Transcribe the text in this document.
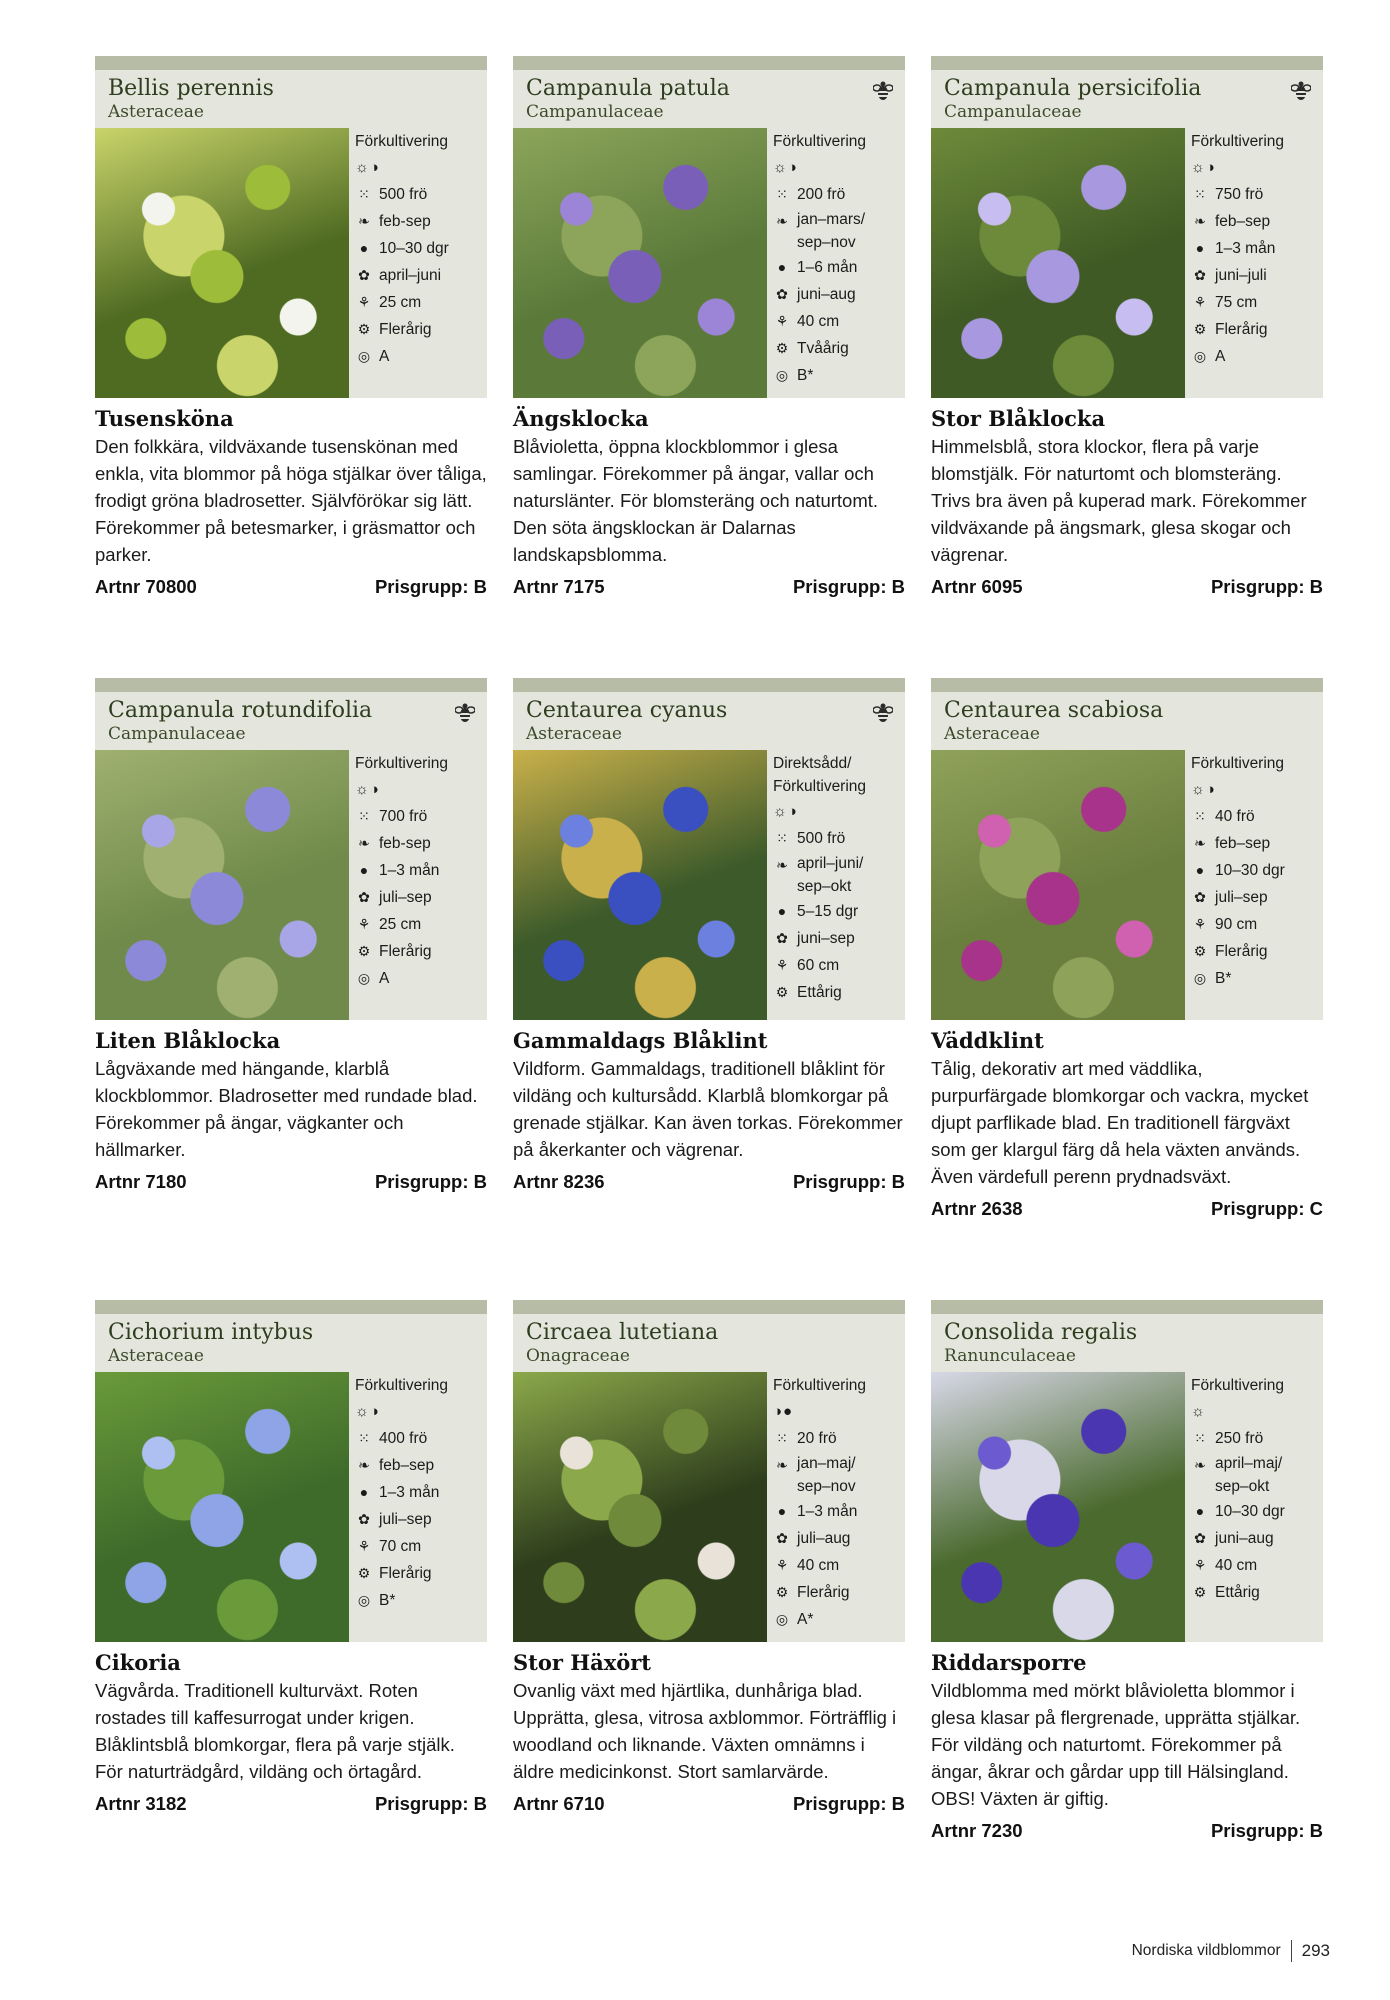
Bellis perennis
Asteraceae
Förkultivering
☼◑
⁙ 500 frö
❧ feb-sep
● 10–30 dgr
✿ april–juni
⚘ 25 cm
⚙ Flerårig
◎ A
Tusensköna
Den folkkära, vildväxande tusenskönan med enkla, vita blommor på höga stjälkar över tåliga, frodigt gröna bladrosetter. Självförökar sig lätt. Förekommer på betesmarker, i gräsmattor och parker.
Artnr 70800	Prisgrupp: B
Campanula patula
Campanulaceae
Förkultivering
☼◑
⁙ 200 frö
❧ jan–mars/ sep–nov
● 1–6 mån
✿ juni–aug
⚘ 40 cm
⚙ Tvåårig
◎ B*
Ängsklocka
Blåvioletta, öppna klockblommor i glesa samlingar. Förekommer på ängar, vallar och naturslänter. För blomsteräng och naturtomt. Den söta ängsklockan är Dalarnas landskapsblomma.
Artnr 7175	Prisgrupp: B
Campanula persicifolia
Campanulaceae
Förkultivering
☼◑
⁙ 750 frö
❧ feb–sep
● 1–3 mån
✿ juni–juli
⚘ 75 cm
⚙ Flerårig
◎ A
Stor Blåklocka
Himmelsblå, stora klockor, flera på varje blomstjälk. För naturtomt och blomsteräng. Trivs bra även på kuperad mark. Förekommer vildväxande på ängsmark, glesa skogar och vägrenar.
Artnr 6095	Prisgrupp: B
Campanula rotundifolia
Campanulaceae
Förkultivering
☼◑
⁙ 700 frö
❧ feb-sep
● 1–3 mån
✿ juli–sep
⚘ 25 cm
⚙ Flerårig
◎ A
Liten Blåklocka
Lågväxande med hängande, klarblå klockblommor. Bladrosetter med rundade blad. Förekommer på ängar, vägkanter och hällmarker.
Artnr 7180	Prisgrupp: B
Centaurea cyanus
Asteraceae
Direktsådd/ Förkultivering
☼◑
⁙ 500 frö
❧ april–juni/ sep–okt
● 5–15 dgr
✿ juni–sep
⚘ 60 cm
⚙ Ettårig
Gammaldags Blåklint
Vildform. Gammaldags, traditionell blåklint för vildäng och kultursådd. Klarblå blomkorgar på grenade stjälkar. Kan även torkas. Förekommer på åkerkanter och vägrenar.
Artnr 8236	Prisgrupp: B
Centaurea scabiosa
Asteraceae
Förkultivering
☼◑
⁙ 40 frö
❧ feb–sep
● 10–30 dgr
✿ juli–sep
⚘ 90 cm
⚙ Flerårig
◎ B*
Väddklint
Tålig, dekorativ art med väddlika, purpurfärgade blomkorgar och vackra, mycket djupt parflikade blad. En traditionell färgväxt som ger klargul färg då hela växten används. Även värdefull perenn prydnadsväxt.
Artnr 2638	Prisgrupp: C
Cichorium intybus
Asteraceae
Förkultivering
☼◑
⁙ 400 frö
❧ feb–sep
● 1–3 mån
✿ juli–sep
⚘ 70 cm
⚙ Flerårig
◎ B*
Cikoria
Vägvårda. Traditionell kulturväxt. Roten rostades till kaffesurrogat under krigen. Blåklintsblå blomkorgar, flera på varje stjälk. För naturträdgård, vildäng och örtagård.
Artnr 3182	Prisgrupp: B
Circaea lutetiana
Onagraceae
Förkultivering
◑●
⁙ 20 frö
❧ jan–maj/ sep–nov
● 1–3 mån
✿ juli–aug
⚘ 40 cm
⚙ Flerårig
◎ A*
Stor Häxört
Ovanlig växt med hjärtlika, dunhåriga blad. Upprätta, glesa, vitrosa axblommor. Förträfflig i woodland och liknande. Växten omnämns i äldre medicinkonst. Stort samlarvärde.
Artnr 6710	Prisgrupp: B
Consolida regalis
Ranunculaceae
Förkultivering
☼
⁙ 250 frö
❧ april–maj/ sep–okt
● 10–30 dgr
✿ juni–aug
⚘ 40 cm
⚙ Ettårig
Riddarsporre
Vildblomma med mörkt blåvioletta blommor i glesa klasar på flergrenade, upprätta stjälkar. För vildäng och naturtomt. Förekommer på ängar, åkrar och gårdar upp till Hälsingland. OBS! Växten är giftig.
Artnr 7230	Prisgrupp: B
Nordiska vildblommor 293
